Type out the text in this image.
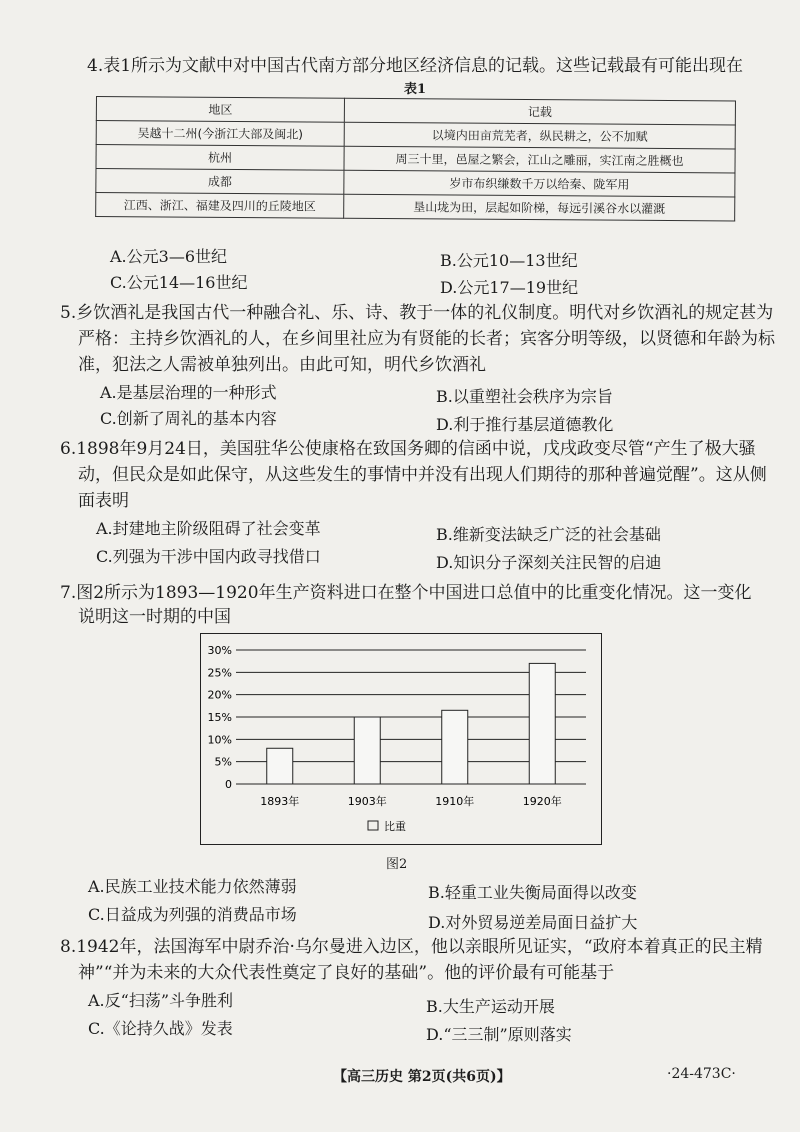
4.表1所示为文献中对中国古代南方部分地区经济信息的记载。这些记载最有可能出现在
表1
地区	记载
吴越十二州(今浙江大部及闽北)	以境内田亩荒芜者，纵民耕之，公不加赋
杭州	周三十里，邑屋之繁会，江山之雕丽，实江南之胜概也
成都	岁市布织缣数千万以给秦、陇军用
江西、浙江、福建及四川的丘陵地区	垦山垅为田，层起如阶梯，每远引溪谷水以灌溉
A.公元3—6世纪	B.公元10—13世纪
C.公元14—16世纪	D.公元17—19世纪
5.乡饮酒礼是我国古代一种融合礼、乐、诗、教于一体的礼仪制度。明代对乡饮酒礼的规定甚为
严格：主持乡饮酒礼的人，在乡间里社应为有贤能的长者；宾客分明等级，以贤德和年龄为标
准，犯法之人需被单独列出。由此可知，明代乡饮酒礼
A.是基层治理的一种形式	B.以重塑社会秩序为宗旨
C.创新了周礼的基本内容	D.利于推行基层道德教化
6.1898年9月24日，美国驻华公使康格在致国务卿的信函中说，戊戌政变尽管“产生了极大骚
动，但民众是如此保守，从这些发生的事情中并没有出现人们期待的那种普遍觉醒”。这从侧
面表明
A.封建地主阶级阻碍了社会变革	B.维新变法缺乏广泛的社会基础
C.列强为干涉中国内政寻找借口	D.知识分子深刻关注民智的启迪
7.图2所示为1893—1920年生产资料进口在整个中国进口总值中的比重变化情况。这一变化
说明这一时期的中国
0
5%
10%
15%
20%
25%
30%
1893年	1903年	1910年	1920年
比重
图2
A.民族工业技术能力依然薄弱	B.轻重工业失衡局面得以改变
C.日益成为列强的消费品市场	D.对外贸易逆差局面日益扩大
8.1942年，法国海军中尉乔治·乌尔曼进入边区，他以亲眼所见证实，“政府本着真正的民主精
神”“并为未来的大众代表性奠定了良好的基础”。他的评价最有可能基于
A.反“扫荡”斗争胜利	B.大生产运动开展
C.《论持久战》发表	D.“三三制”原则落实
【高三历史 第2页(共6页)】	·24-473C·
